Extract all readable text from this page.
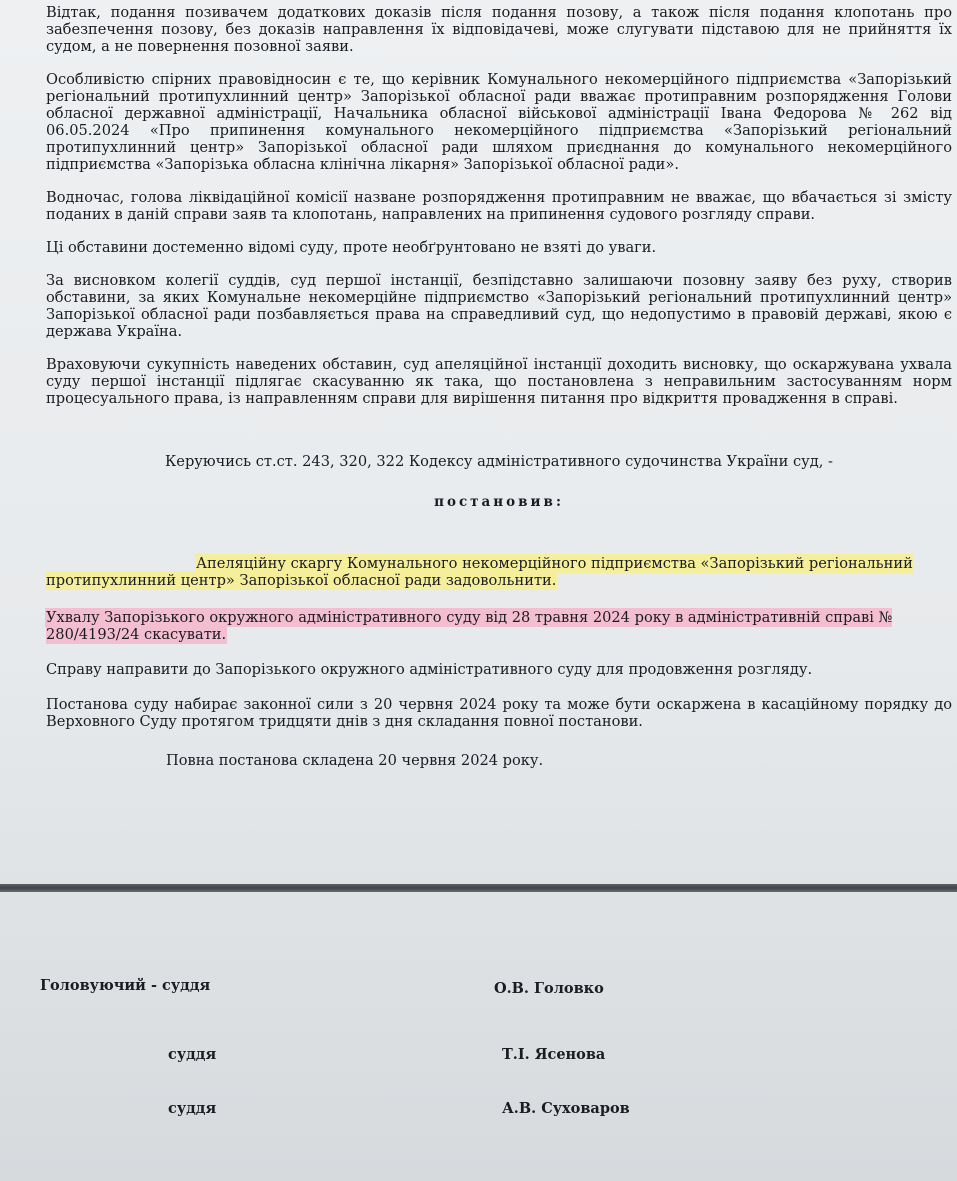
Відтак, подання позивачем додаткових доказів після подання позову, а також після подання клопотань про забезпечення позову, без доказів направлення їх відповідачеві, може слугувати підставою для не прийняття їх судом, а не повернення позовної заяви.

Особливістю спірних правовідносин є те, що керівник Комунального некомерційного підприємства «Запорізький регіональний протипухлинний центр» Запорізької обласної ради вважає протиправним розпорядження Голови обласної державної адміністрації, Начальника обласної військової адміністрації Івана Федорова № 262 від 06.05.2024 «Про припинення комунального некомерційного підприємства «Запорізький регіональний протипухлинний центр» Запорізької обласної ради шляхом приєднання до комунального некомерційного підприємства «Запорізька обласна клінічна лікарня» Запорізької обласної ради».

Водночас, голова ліквідаційної комісії назване розпорядження протиправним не вважає, що вбачається зі змісту поданих в даній справи заяв та клопотань, направлених на припинення судового розгляду справи.

Ці обставини достеменно відомі суду, проте необґрунтовано не взяті до уваги.

За висновком колегії суддів, суд першої інстанції, безпідставно залишаючи позовну заяву без руху, створив обставини, за яких Комунальне некомерційне підприємство «Запорізький регіональний протипухлинний центр» Запорізької обласної ради позбавляється права на справедливий суд, що недопустимо в правовій державі, якою є держава Україна.

Враховуючи сукупність наведених обставин, суд апеляційної інстанції доходить висновку, що оскаржувана ухвала суду першої інстанції підлягає скасуванню як така, що постановлена з неправильним застосуванням норм процесуального права, із направленням справи для вирішення питання про відкриття провадження в справі.

Керуючись ст.ст. 243, 320, 322 Кодексу адміністративного судочинства України суд, -

постановив:

Апеляційну скаргу Комунального некомерційного підприємства «Запорізький регіональний протипухлинний центр» Запорізької обласної ради задовольнити.

Ухвалу Запорізького окружного адміністративного суду від 28 травня 2024 року в адміністративній справі № 280/4193/24 скасувати.

Справу направити до Запорізького окружного адміністративного суду для продовження розгляду.

Постанова суду набирає законної сили з 20 червня 2024 року та може бути оскаржена в касаційному порядку до Верховного Суду протягом тридцяти днів з дня складання повної постанови.

Повна постанова складена 20 червня 2024 року.

Головуючий - суддя	О.В. Головко
суддя	Т.І. Ясенова
суддя	А.В. Суховаров
